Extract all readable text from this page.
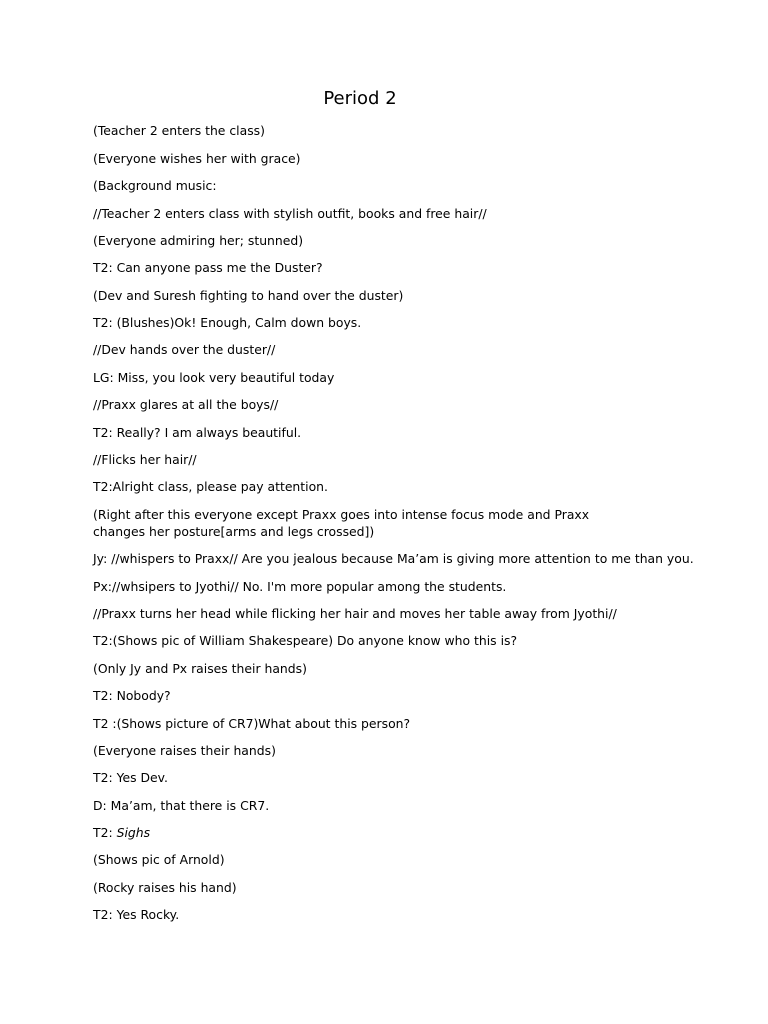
Period 2
(Teacher 2 enters the class)
(Everyone wishes her with grace)
(Background music:
//Teacher 2 enters class with stylish outfit, books and free hair//
(Everyone admiring her; stunned)
T2: Can anyone pass me the Duster?
(Dev and Suresh fighting to hand over the duster)
T2: (Blushes)Ok! Enough, Calm down boys.
//Dev hands over the duster//
LG: Miss, you look very beautiful today
//Praxx glares at all the boys//
T2: Really? I am always beautiful.
//Flicks her hair//
T2:Alright class, please pay attention.
(Right after this everyone except Praxx goes into intense focus mode and Praxx changes her posture[arms and legs crossed])
Jy: //whispers to Praxx// Are you jealous because Ma’am is giving more attention to me than you.
Px://whsipers to Jyothi// No. I'm more popular among the students.
//Praxx turns her head while flicking her hair and moves her table away from Jyothi//
T2:(Shows pic of William Shakespeare) Do anyone know who this is?
(Only Jy and Px raises their hands)
T2: Nobody?
T2 :(Shows picture of CR7)What about this person?
(Everyone raises their hands)
T2: Yes Dev.
D: Ma’am, that there is CR7.
T2: Sighs
(Shows pic of Arnold)
(Rocky raises his hand)
T2: Yes Rocky.
